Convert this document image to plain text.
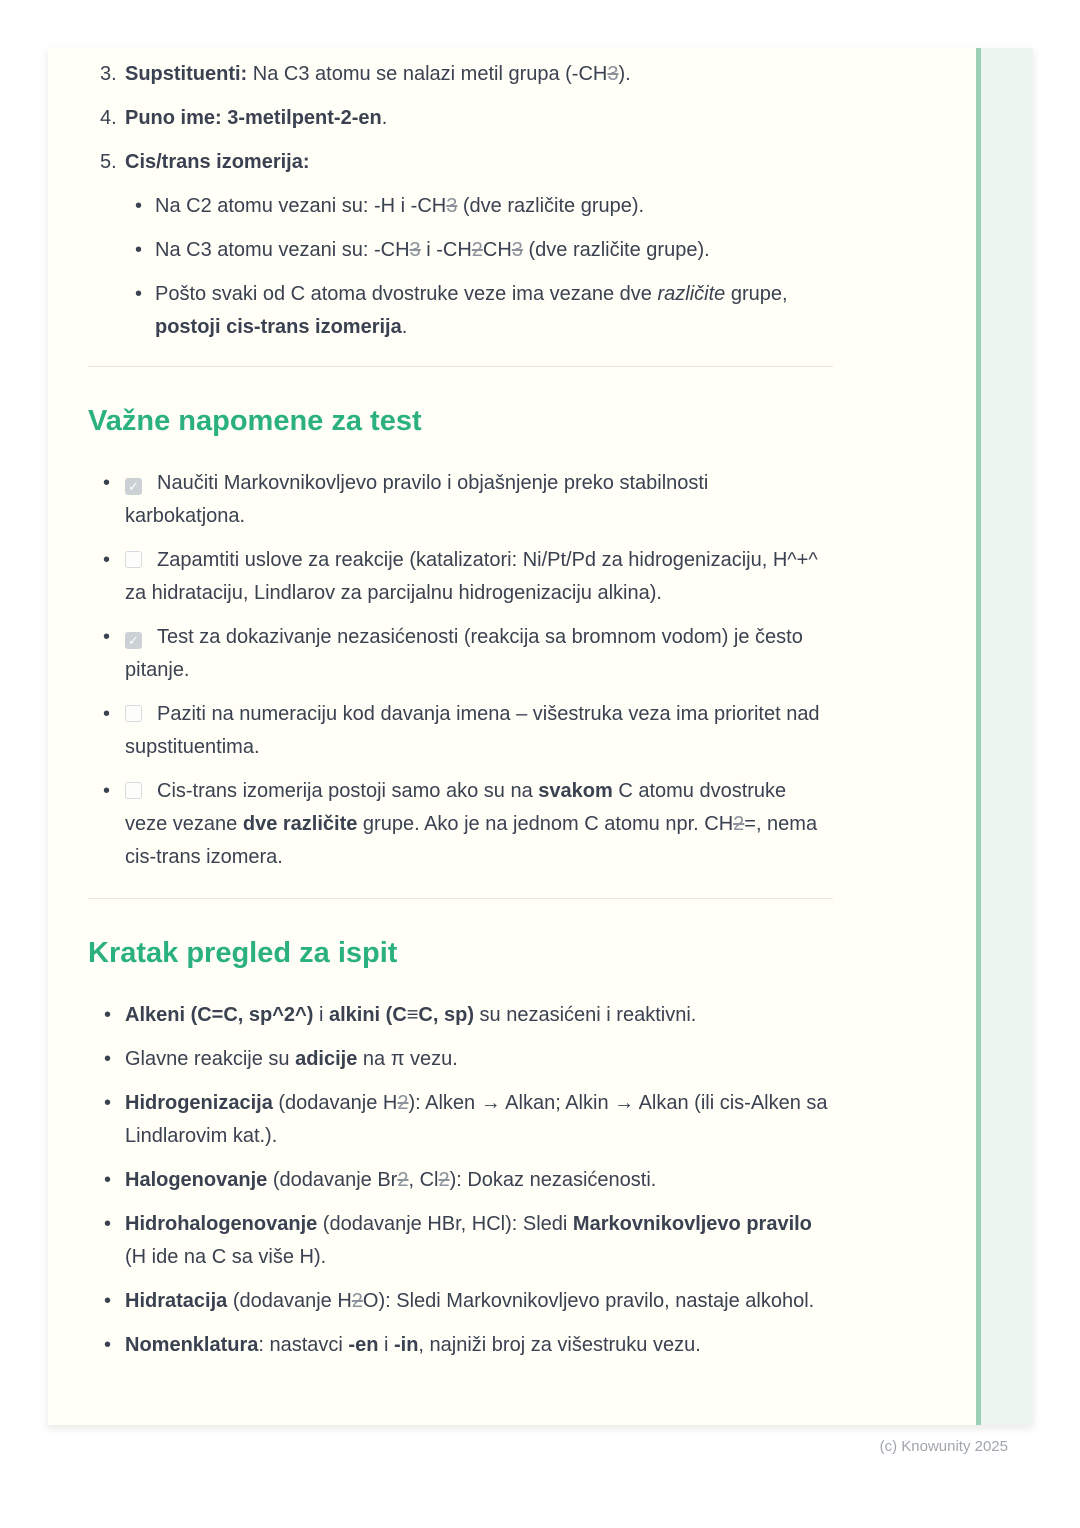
3. Supstituenti: Na C3 atomu se nalazi metil grupa (-CH3).
4. Puno ime: 3-metilpent-2-en.
5. Cis/trans izomerija:
• Na C2 atomu vezani su: -H i -CH3 (dve različite grupe).
• Na C3 atomu vezani su: -CH3 i -CH2CH3 (dve različite grupe).
• Pošto svaki od C atoma dvostruke veze ima vezane dve različite grupe, postoji cis-trans izomerija.
Važne napomene za test
• ✓ Naučiti Markovnikovljevo pravilo i objašnjenje preko stabilnosti karbokatjona.
• Zapamtiti uslove za reakcije (katalizatori: Ni/Pt/Pd za hidrogenizaciju, H^+^ za hidrataciju, Lindlarov za parcijalnu hidrogenizaciju alkina).
• ✓ Test za dokazivanje nezasićenosti (reakcija sa bromnom vodom) je često pitanje.
• Paziti na numeraciju kod davanja imena – višestruka veza ima prioritet nad supstituentima.
• Cis-trans izomerija postoji samo ako su na svakom C atomu dvostruke veze vezane dve različite grupe. Ako je na jednom C atomu npr. CH2=, nema cis-trans izomera.
Kratak pregled za ispit
• Alkeni (C=C, sp^2^) i alkini (C≡C, sp) su nezasićeni i reaktivni.
• Glavne reakcije su adicije na π vezu.
• Hidrogenizacija (dodavanje H2): Alken → Alkan; Alkin → Alkan (ili cis-Alken sa Lindlarovim kat.).
• Halogenovanje (dodavanje Br2, Cl2): Dokaz nezasićenosti.
• Hidrohalogenovanje (dodavanje HBr, HCl): Sledi Markovnikovljevo pravilo (H ide na C sa više H).
• Hidratacija (dodavanje H2O): Sledi Markovnikovljevo pravilo, nastaje alkohol.
• Nomenklatura: nastavci -en i -in, najniži broj za višestruku vezu.
(c) Knowunity 2025
